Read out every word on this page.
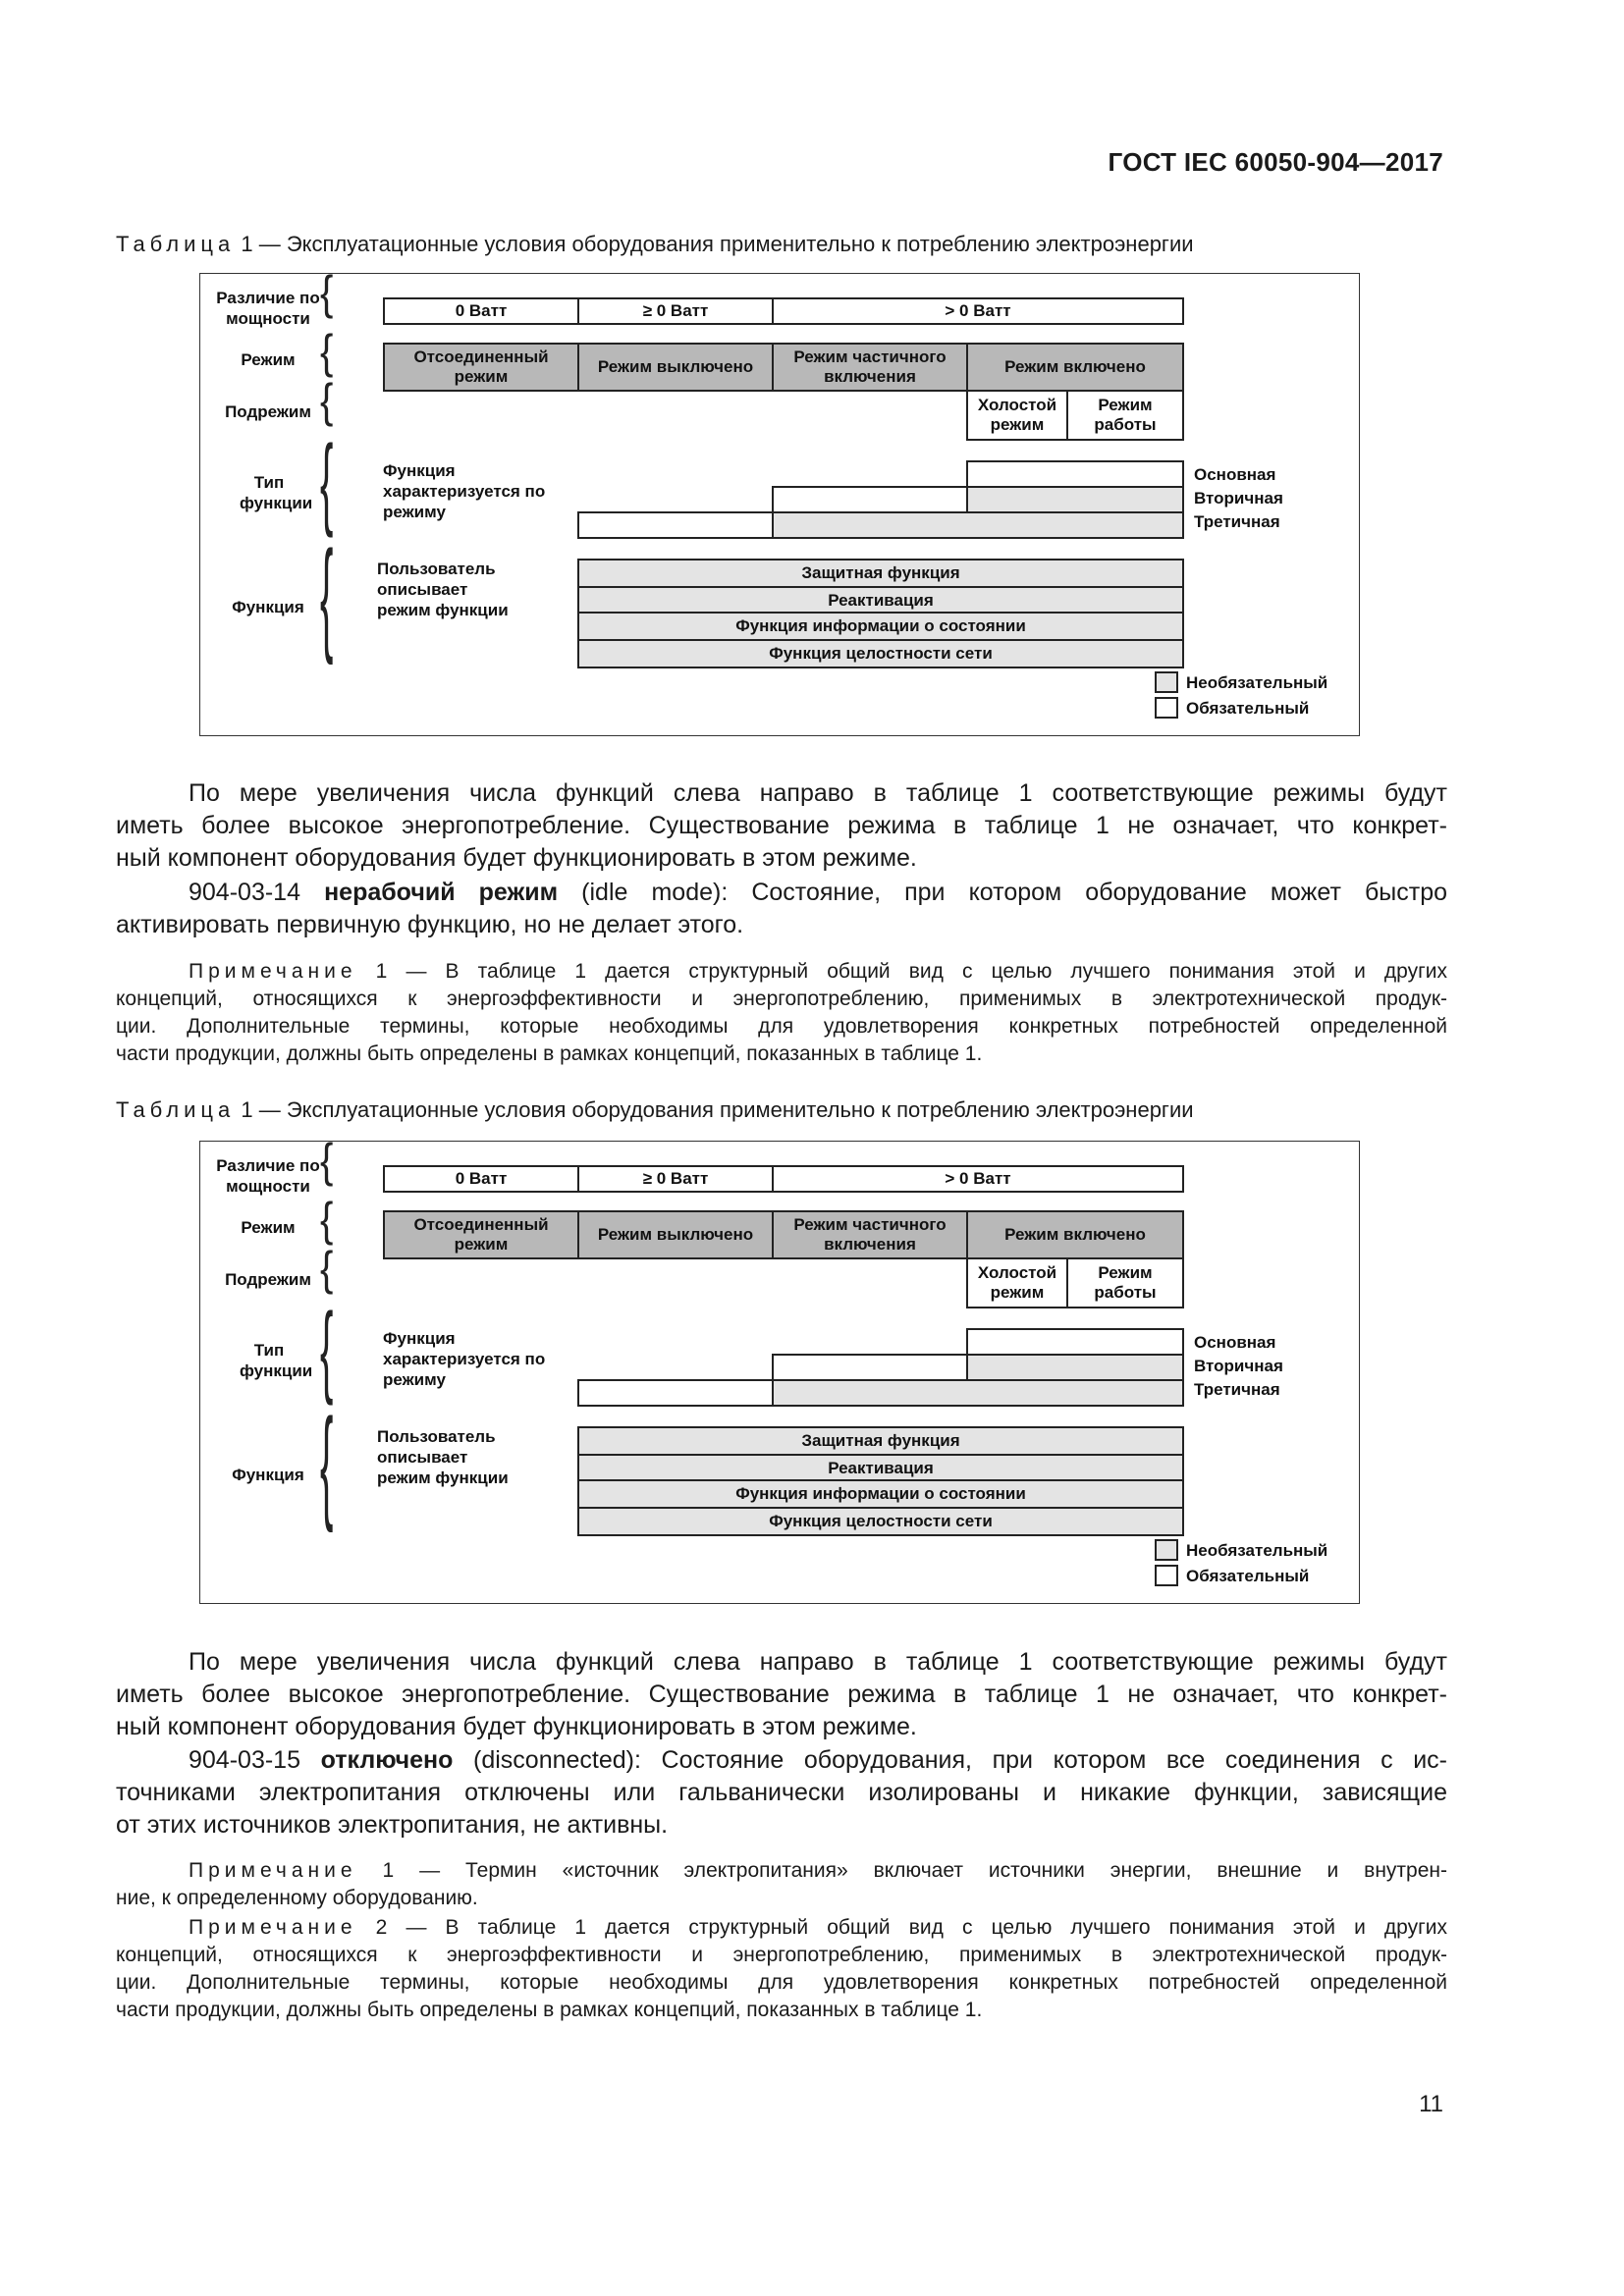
ГОСТ IEC 60050-904—2017
Таблица 1 — Эксплуатационные условия оборудования применительно к потреблению электроэнергии
Различие по мощности
Режим
Подрежим
Тип функции
Функция
{
{
{
{
{
Функция характеризуется по режиму
Пользователь описывает режим функции
0 Ватт	≥ 0 Ватт	> 0 Ватт
Отсоединенный режим
Режим выключено
Режим частичного включения
Режим включено
Холостой режим
Режим работы
Основная
Вторичная
Третичная
Защитная функция
Реактивация
Функция информации о состоянии
Функция целостности сети
Необязательный
Обязательный
По мере увеличения числа функций слева направо в таблице 1 соответствующие режимы будут
иметь более высокое энергопотребление. Существование режима в таблице 1 не означает, что конкрет-
ный компонент оборудования будет функционировать в этом режиме.
904-03-14 нерабочий режим (idle mode): Состояние, при котором оборудование может быстро
активировать первичную функцию, но не делает этого.
Примечание 1 — В таблице 1 дается структурный общий вид с целью лучшего понимания этой и других
концепций, относящихся к энергоэффективности и энергопотреблению, применимых в электротехнической продук-
ции. Дополнительные термины, которые необходимы для удовлетворения конкретных потребностей определенной
части продукции, должны быть определены в рамках концепций, показанных в таблице 1.
Таблица 1 — Эксплуатационные условия оборудования применительно к потреблению электроэнергии
Различие по мощности
Режим
Подрежим
Тип функции
Функция
{
{
{
{
{
Функция характеризуется по режиму
Пользователь описывает режим функции
0 Ватт	≥ 0 Ватт	> 0 Ватт
Отсоединенный режим
Режим выключено
Режим частичного включения
Режим включено
Холостой режим
Режим работы
Основная
Вторичная
Третичная
Защитная функция
Реактивация
Функция информации о состоянии
Функция целостности сети
Необязательный
Обязательный
По мере увеличения числа функций слева направо в таблице 1 соответствующие режимы будут
иметь более высокое энергопотребление. Существование режима в таблице 1 не означает, что конкрет-
ный компонент оборудования будет функционировать в этом режиме.
904-03-15 отключено (disconnected): Состояние оборудования, при котором все соединения с ис-
точниками электропитания отключены или гальванически изолированы и никакие функции, зависящие
от этих источников электропитания, не активны.
Примечание 1 — Термин «источник электропитания» включает источники энергии, внешние и внутрен-
ние, к определенному оборудованию.
Примечание 2 — В таблице 1 дается структурный общий вид с целью лучшего понимания этой и других
концепций, относящихся к энергоэффективности и энергопотреблению, применимых в электротехнической продук-
ции. Дополнительные термины, которые необходимы для удовлетворения конкретных потребностей определенной
части продукции, должны быть определены в рамках концепций, показанных в таблице 1.
11
